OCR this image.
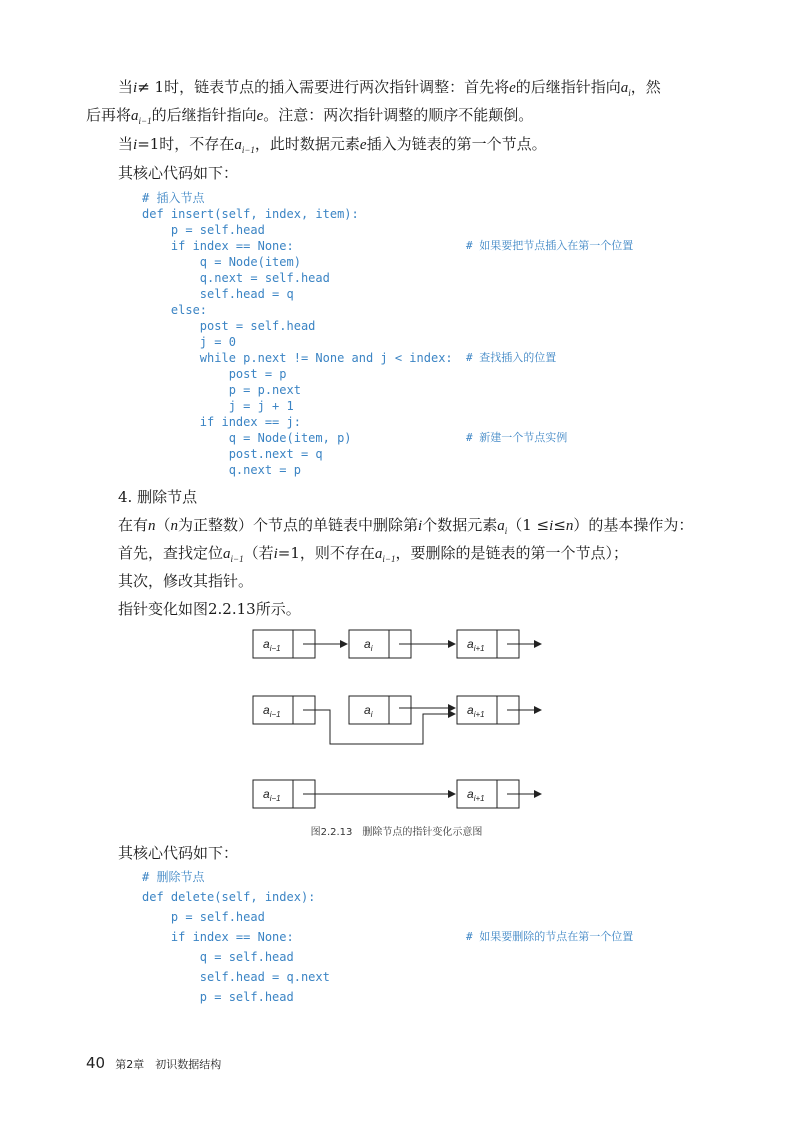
当i≠ 1时，链表节点的插入需要进行两次指针调整：首先将e的后继指针指向$a_i$，然
后再将$a_{i-1}$的后继指针指向e。注意：两次指针调整的顺序不能颠倒。
当i=1时，不存在$a_{i-1}$，此时数据元素e插入为链表的第一个节点。
其核心代码如下：
# 插入节点
def insert(self, index, item):
p = self.head
if index == None:
q = Node(item)
q.next = self.head
self.head = q
else:
post = self.head
j = 0
while p.next != None and j < index:
post = p
p = p.next
j = j + 1
if index == j:
q = Node(item, p)
post.next = q
q.next = p
# 如果要把节点插入在第一个位置
# 查找插入的位置
# 新建一个节点实例
4. 删除节点
在有n（n为正整数）个节点的单链表中删除第i个数据元素$a_i(1 \le i\le n)$的基本操作为：
首先，查找定位$a_{i-1}$（若i=1，则不存在$a_{i-1}$，要删除的是链表的第一个节点）；
其次，修改其指针。
指针变化如图2.2.13所示。
$a_{i-1}$	$a_i$	$a_{i+1}$
$a_{i-1}$	$a_i$	$a_{i+1}$
$a_{i-1}$	$a_{i+1}$
图2.2.13　删除节点的指针变化示意图
其核心代码如下：
# 删除节点
def delete(self, index):
p = self.head
if index == None:
q = self.head
self.head = q.next
p = self.head
# 如果要删除的节点在第一个位置
40 第2章　初识数据结构
